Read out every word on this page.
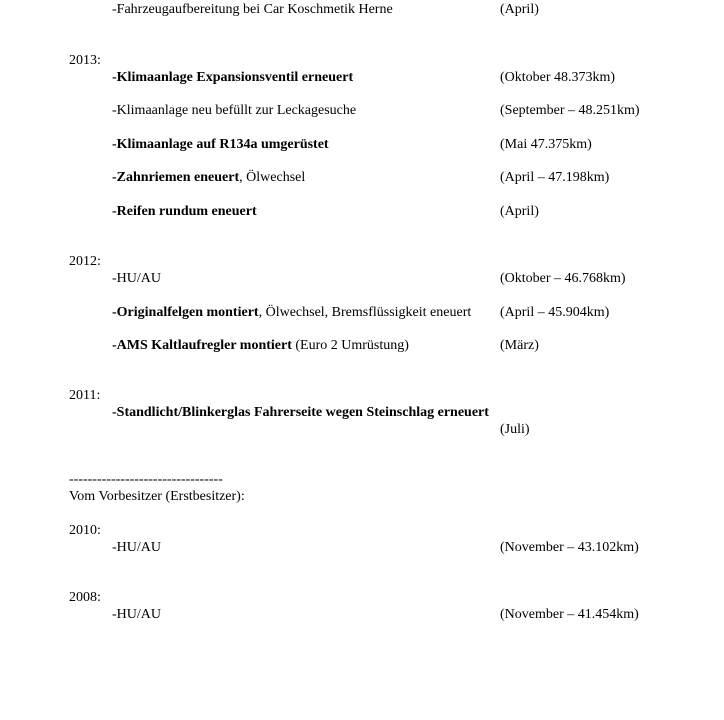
-Fahrzeugaufbereitung bei Car Koschmetik Herne	(April)
2013:
-Klimaanlage Expansionsventil erneuert	(Oktober 48.373km)
-Klimaanlage neu befüllt zur Leckagesuche	(September – 48.251km)
-Klimaanlage auf R134a umgerüstet	(Mai 47.375km)
-Zahnriemen eneuert, Ölwechsel	(April – 47.198km)
-Reifen rundum eneuert	(April)
2012:
-HU/AU	(Oktober – 46.768km)
-Originalfelgen montiert, Ölwechsel, Bremsflüssigkeit eneuert (April – 45.904km)
-AMS Kaltlaufregler montiert (Euro 2 Umrüstung)	(März)
2011:
-Standlicht/Blinkerglas Fahrerseite wegen Steinschlag erneuert
(Juli)
---------------------------------
Vom Vorbesitzer (Erstbesitzer):
2010:
-HU/AU	(November – 43.102km)
2008:
-HU/AU	(November – 41.454km)
